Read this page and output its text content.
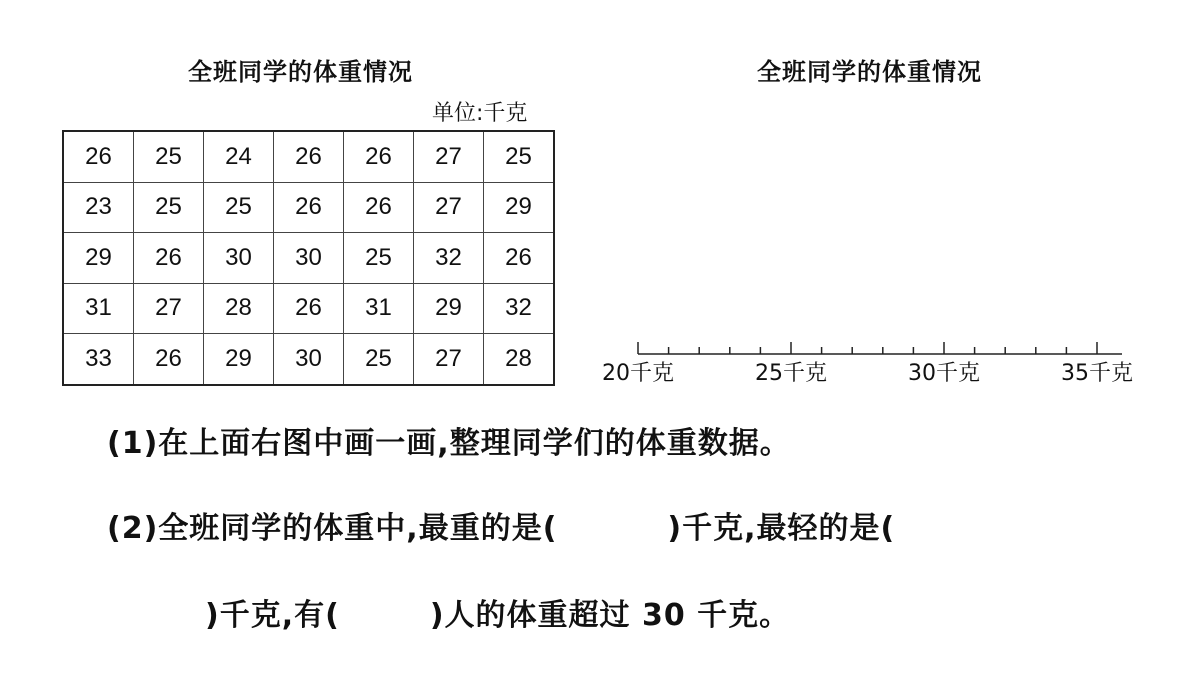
全班同学的体重情况	全班同学的体重情况
单位:千克
26	25	24	26	26	27	25
23	25	25	26	26	27	29
29	26	30	30	25	32	26
31	27	28	26	31	29	32
33	26	29	30	25	27	28
20千克	25千克	30千克	35千克
(1)在上面右图中画一画,整理同学们的体重数据。
(2)全班同学的体重中,最重的是(	)千克,最轻的是(
)千克,有(	)人的体重超过 30 千克。
